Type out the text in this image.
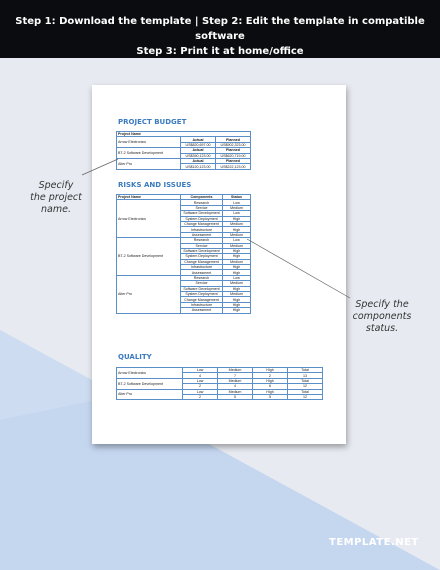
Step 1: Download the template | Step 2: Edit the template in compatible software
Step 3: Print it at home/office
PROJECT BUDGET
Project Name		
Arrow Electronics	Actual	Planned
	US$820,697.00	US$902,323.00
BT-2 Software Development	Actual	Planned
	US$390,123.00	US$620,719.00
Alter Pro	Actual	Planned
	US$120,123.00	US$222,123.00
RISKS AND ISSUES
Project Name	Components	Status
Arrow Electronics	Research	Low
	Service	Medium
	Software Development	Low
	System Deployment	High
	Change Management	Medium
	Infrastructure	High
	Assessment	Medium
BT-2 Software Development	Research	Low
	Service	Medium
	Software Development	High
	System Deployment	High
	Change Management	Medium
	Infrastructure	High
	Assessment	High
Alter Pro	Research	Low
	Service	Medium
	Software Development	High
	System Deployment	Medium
	Change Management	High
	Infrastructure	High
	Assessment	High
QUALITY
Arrow Electronics	Low	Medium	High	Total
	4	7	2	13
BT-2 Software Development	Low	Medium	High	Total
	2	4	6	12
Alter Pro	Low	Medium	High	Total
	2	5	5	12
Specify
the project
name.
Specify the
components
status.
TEMPLATE.NET
